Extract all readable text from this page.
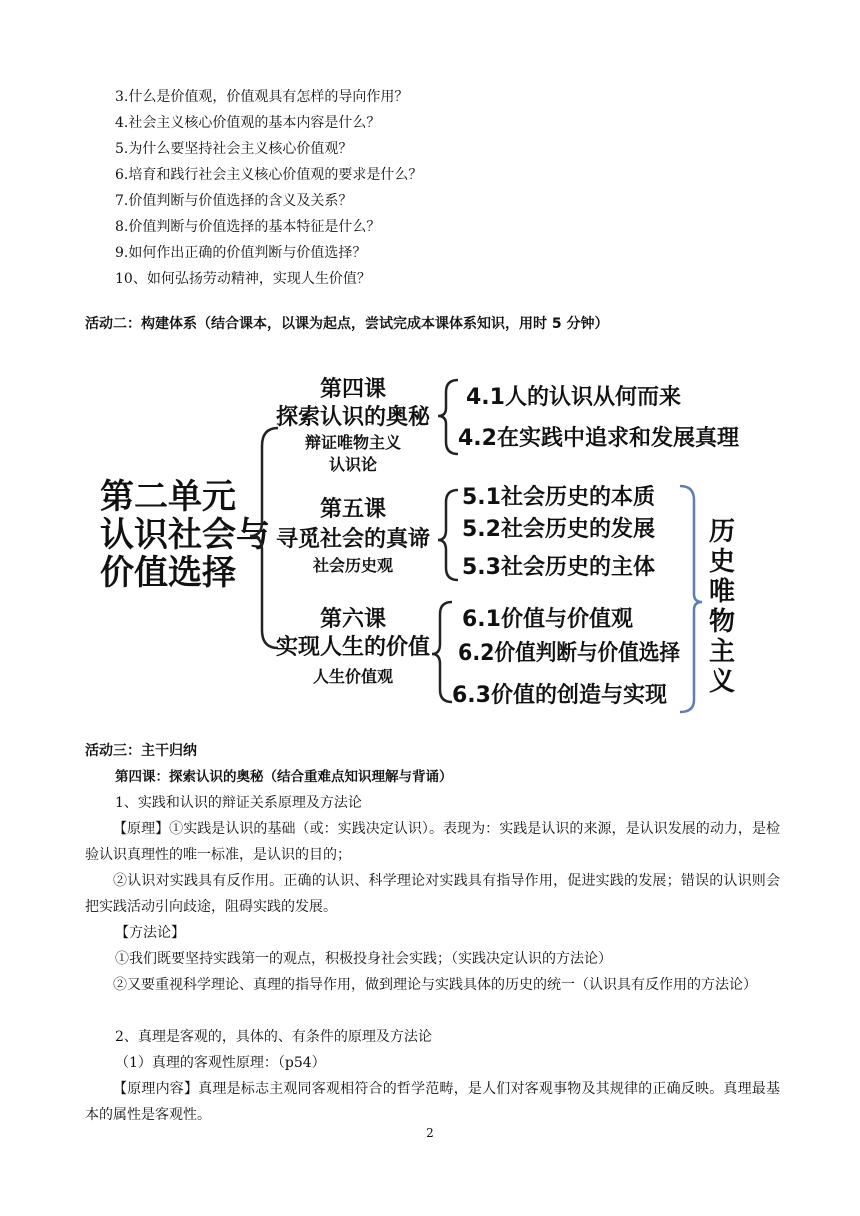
3.什么是价值观，价值观具有怎样的导向作用？
4.社会主义核心价值观的基本内容是什么？
5.为什么要坚持社会主义核心价值观？
6.培育和践行社会主义核心价值观的要求是什么？
7.价值判断与价值选择的含义及关系？
8.价值判断与价值选择的基本特征是什么？
9.如何作出正确的价值判断与价值选择？
10、如何弘扬劳动精神，实现人生价值？
活动二：构建体系（结合课本，以课为起点，尝试完成本课体系知识，用时 5 分钟）
第二单元
认识社会与
价值选择
第四课
探索认识的奥秘
辩证唯物主义
认识论
4.1人的认识从何而来
4.2在实践中追求和发展真理
第五课
寻觅社会的真谛
社会历史观
5.1社会历史的本质
5.2社会历史的发展
5.3社会历史的主体
第六课
实现人生的价值
人生价值观
6.1价值与价值观
6.2价值判断与价值选择
6.3价值的创造与实现
历
史
唯
物
主
义
活动三：主干归纳
第四课：探索认识的奥秘（结合重难点知识理解与背诵）
1、实践和认识的辩证关系原理及方法论
【原理】①实践是认识的基础（或：实践决定认识）。表现为：实践是认识的来源，是认识发展的动力，是检验认识真理性的唯一标准，是认识的目的；
②认识对实践具有反作用。正确的认识、科学理论对实践具有指导作用，促进实践的发展；错误的认识则会把实践活动引向歧途，阻碍实践的发展。
【方法论】
①我们既要坚持实践第一的观点，积极投身社会实践；（实践决定认识的方法论）
②又要重视科学理论、真理的指导作用，做到理论与实践具体的历史的统一（认识具有反作用的方法论）
2、真理是客观的，具体的、有条件的原理及方法论
（1）真理的客观性原理：（p54）
【原理内容】真理是标志主观同客观相符合的哲学范畴，是人们对客观事物及其规律的正确反映。真理最基本的属性是客观性。
2
